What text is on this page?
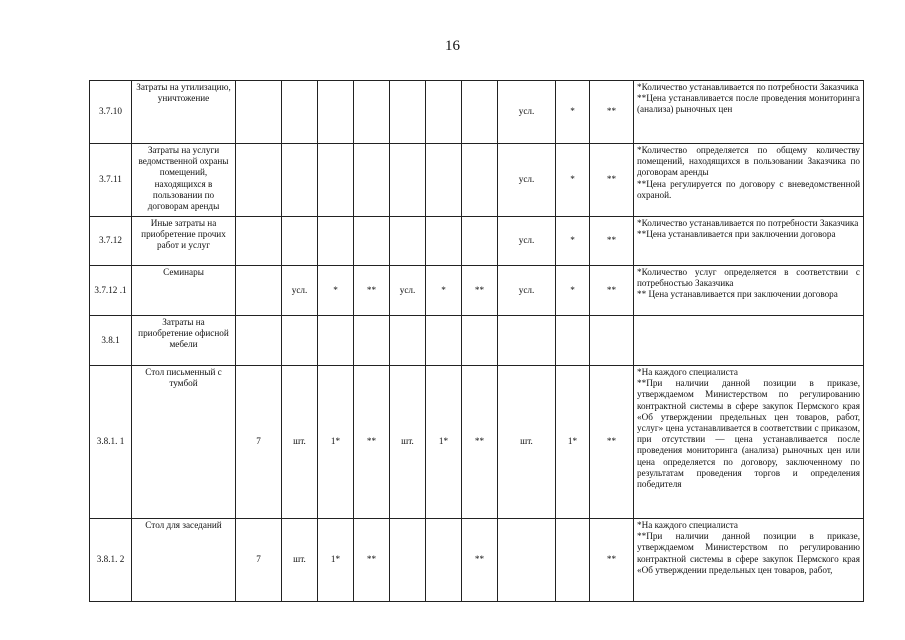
16
3.7.10	Затраты на утилизацию, уничтожение								усл.	*	**	*Количество устанавливается по потребности Заказчика
**Цена устанавливается после проведения мониторинга (анализа) рыночных цен

3.7.11	Затраты на услуги ведомственной охраны помещений, находящихся в пользовании по договорам аренды								усл.	*	**	*Количество определяется по общему количеству помещений, находящихся в пользовании Заказчика по договорам аренды
**Цена регулируется по договору с вневедомственной охраной.

3.7.12	Иные затраты на приобретение прочих работ и услуг								усл.	*	**	*Количество устанавливается по потребности Заказчика
**Цена устанавливается при заключении договора

3.7.12 .1	Семинары		усл.	*	**	усл.	*	**	усл.	*	**	*Количество услуг определяется в соответствии с потребностью Заказчика
** Цена устанавливается при заключении договора

3.8.1	Затраты на приобретение офисной мебели											
3.8.1. 1	Стол письменный с тумбой	7	шт.	1*	**	шт.	1*	**	шт.	1*	**	*На каждого специалиста
**При наличии данной позиции в приказе, утверждаемом Министерством по регулированию контрактной системы в сфере закупок Пермского края «Об утверждении предельных цен товаров, работ, услуг» цена устанавливается в соответствии с приказом, при отсутствии — цена устанавливается после проведения мониторинга (анализа) рыночных цен или цена определяется по договору, заключенному по результатам проведения торгов и определения победителя

3.8.1. 2	Стол для заседаний	7	шт.	1*	**			**			**	*На каждого специалиста
**При наличии данной позиции в приказе, утверждаемом Министерством по регулированию контрактной системы в сфере закупок Пермского края «Об утверждении предельных цен товаров, работ,
